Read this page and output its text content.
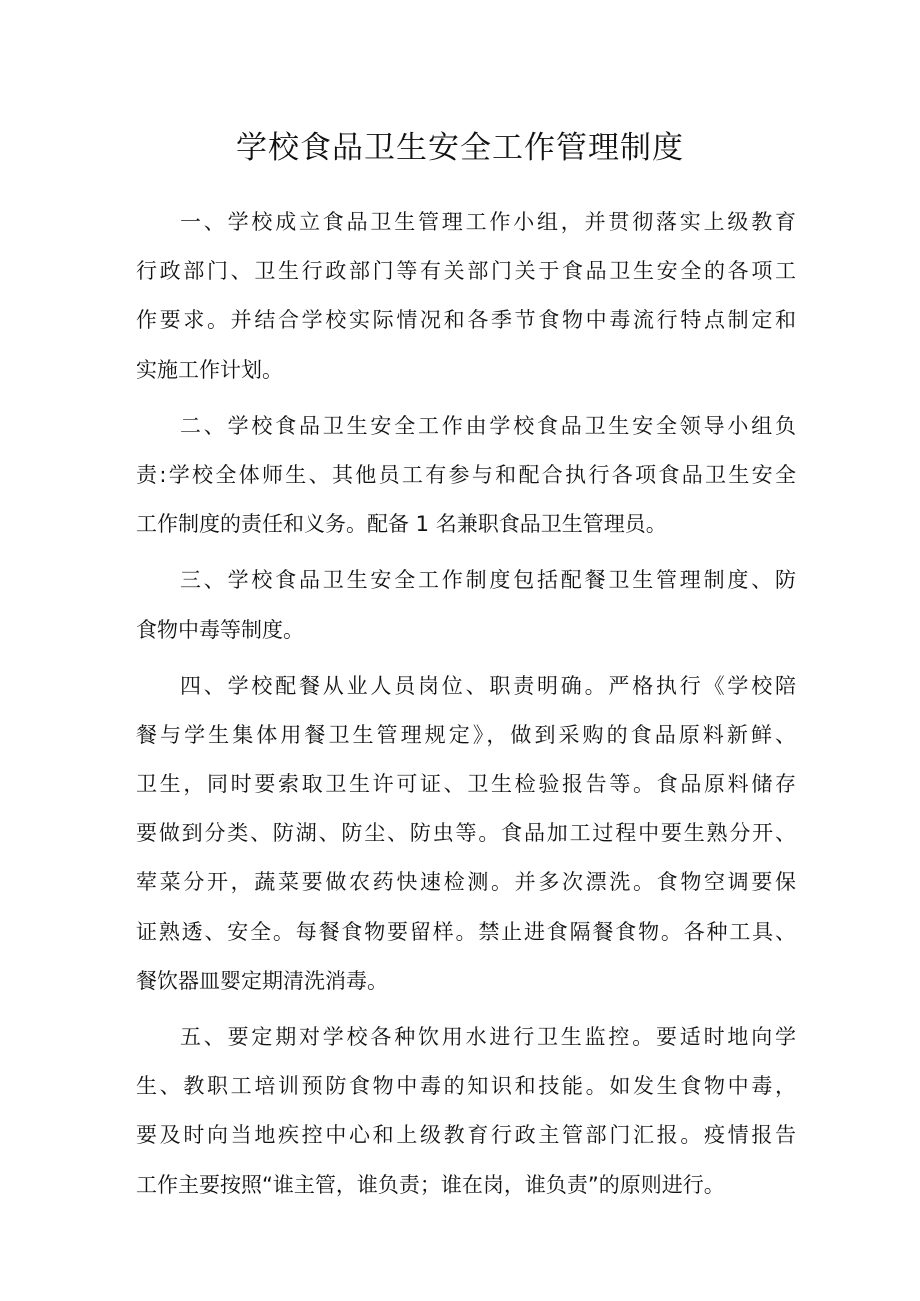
学校食品卫生安全工作管理制度

一、学校成立食品卫生管理工作小组，并贯彻落实上级教育

行政部门、卫生行政部门等有关部门关于食品卫生安全的各项工

作要求。并结合学校实际情况和各季节食物中毒流行特点制定和

实施工作计划。

二、学校食品卫生安全工作由学校食品卫生安全领导小组负

责:学校全体师生、其他员工有参与和配合执行各项食品卫生安全

工作制度的责任和义务。配备 1 名兼职食品卫生管理员。

三、学校食品卫生安全工作制度包括配餐卫生管理制度、防

食物中毒等制度。

四、学校配餐从业人员岗位、职责明确。严格执行《学校陪

餐与学生集体用餐卫生管理规定》，做到采购的食品原料新鲜、

卫生，同时要索取卫生许可证、卫生检验报告等。食品原料储存

要做到分类、防湖、防尘、防虫等。食品加工过程中要生熟分开、

荤菜分开，蔬菜要做农药快速检测。并多次漂洗。食物空调要保

证熟透、安全。每餐食物要留样。禁止进食隔餐食物。各种工具、

餐饮器皿婴定期清洗消毒。

五、要定期对学校各种饮用水进行卫生监控。要适时地向学

生、教职工培训预防食物中毒的知识和技能。如发生食物中毒，

要及时向当地疾控中心和上级教育行政主管部门汇报。疫情报告

工作主要按照“谁主管，谁负责；谁在岗，谁负责”的原则进行。
